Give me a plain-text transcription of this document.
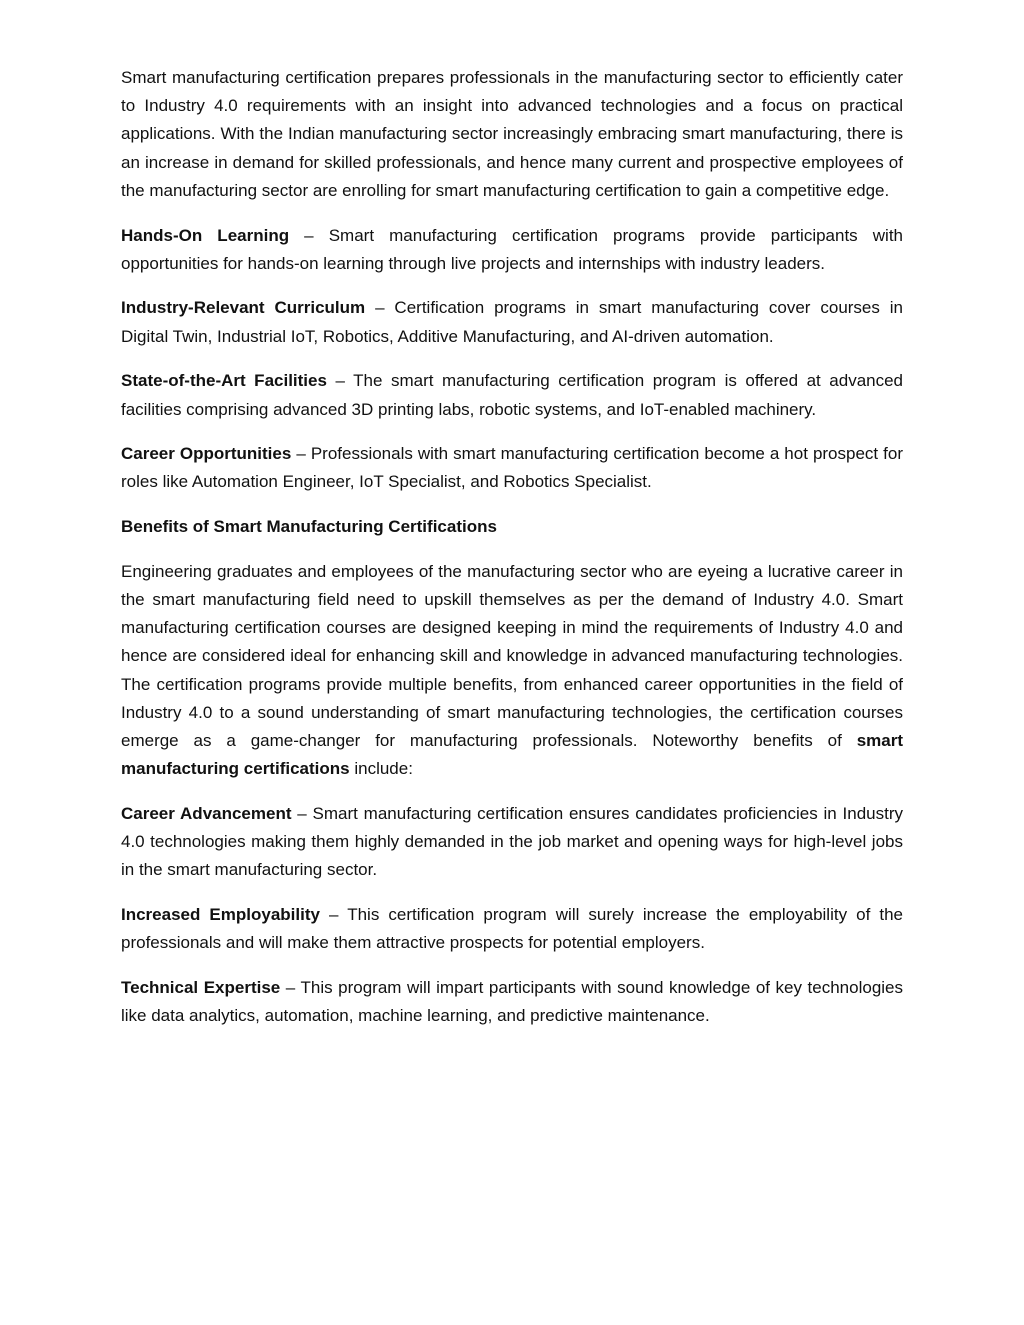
Smart manufacturing certification prepares professionals in the manufacturing sector to efficiently cater to Industry 4.0 requirements with an insight into advanced technologies and a focus on practical applications. With the Indian manufacturing sector increasingly embracing smart manufacturing, there is an increase in demand for skilled professionals, and hence many current and prospective employees of the manufacturing sector are enrolling for smart manufacturing certification to gain a competitive edge.

Hands-On Learning – Smart manufacturing certification programs provide participants with opportunities for hands-on learning through live projects and internships with industry leaders.

Industry-Relevant Curriculum – Certification programs in smart manufacturing cover courses in Digital Twin, Industrial IoT, Robotics, Additive Manufacturing, and AI-driven automation.

State-of-the-Art Facilities – The smart manufacturing certification program is offered at advanced facilities comprising advanced 3D printing labs, robotic systems, and IoT-enabled machinery.

Career Opportunities – Professionals with smart manufacturing certification become a hot prospect for roles like Automation Engineer, IoT Specialist, and Robotics Specialist.

Benefits of Smart Manufacturing Certifications

Engineering graduates and employees of the manufacturing sector who are eyeing a lucrative career in the smart manufacturing field need to upskill themselves as per the demand of Industry 4.0. Smart manufacturing certification courses are designed keeping in mind the requirements of Industry 4.0 and hence are considered ideal for enhancing skill and knowledge in advanced manufacturing technologies. The certification programs provide multiple benefits, from enhanced career opportunities in the field of Industry 4.0 to a sound understanding of smart manufacturing technologies, the certification courses emerge as a game-changer for manufacturing professionals. Noteworthy benefits of smart manufacturing certifications include:

Career Advancement – Smart manufacturing certification ensures candidates proficiencies in Industry 4.0 technologies making them highly demanded in the job market and opening ways for high-level jobs in the smart manufacturing sector.

Increased Employability – This certification program will surely increase the employability of the professionals and will make them attractive prospects for potential employers.

Technical Expertise – This program will impart participants with sound knowledge of key technologies like data analytics, automation, machine learning, and predictive maintenance.
